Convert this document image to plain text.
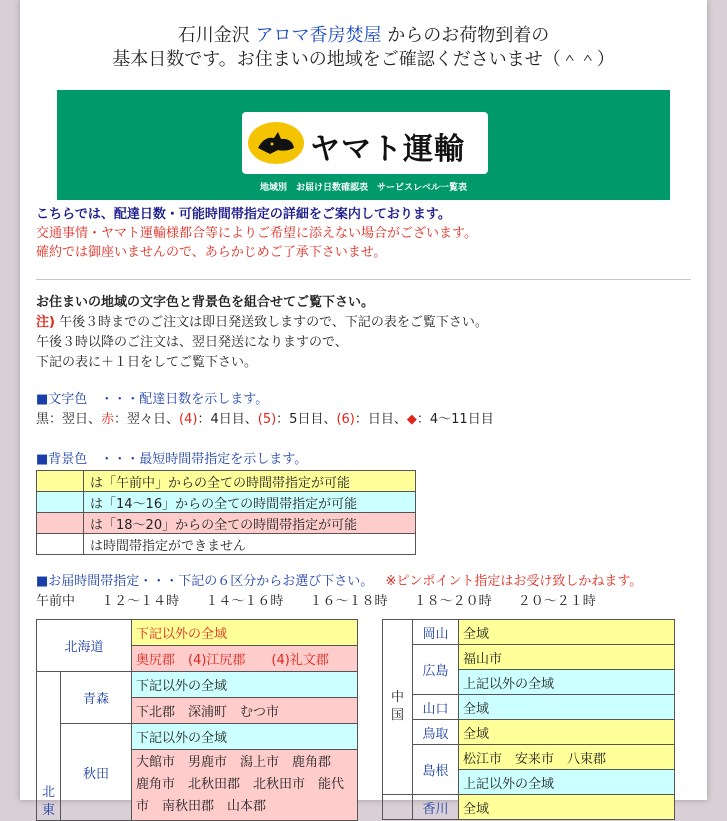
石川金沢 アロマ香房焚屋 からのお荷物到着の
基本日数です。お住まいの地域をご確認くださいませ（＾＾）
ヤマト運輸
地域別　お届け日数確認表　サービスレベル一覧表
こちらでは、配達日数・可能時間帯指定の詳細をご案内しております。
交通事情・ヤマト運輸様都合等によりご希望に添えない場合がございます。
確約では御座いませんので、あらかじめご了承下さいませ。
お住まいの地域の文字色と背景色を組合せてご覧下さい。
注) 午後３時までのご注文は即日発送致しますので、下記の表をご覧下さい。
午後３時以降のご注文は、翌日発送になりますので、
下記の表に＋１日をしてご覧下さい。
■文字色　・・・配達日数を示します。
黒：翌日、赤：翌々日、(4)：4日目、(5)：5日目、(6)：日目、◆：4～11日目
■背景色　・・・最短時間帯指定を示します。
	は「午前中」からの全ての時間帯指定が可能
	は「14～16」からの全ての時間帯指定が可能
	は「18～20」からの全ての時間帯指定が可能
	は時間帯指定ができません
■お届時間帯指定・・・下記の６区分からお選び下さい。 ※ピンポイント指定はお受け致しかねます。
午前中 １２～１４時 １４～１６時 １６～１８時 １８～２０時 ２０～２１時
北海道		下記以外の全域
		奥尻郡　(4)江尻郡　　(4)礼文郡
北東	青森	下記以外の全域
		下北郡　深浦町　むつ市
	秋田	下記以外の全域

		大館市　男鹿市　潟上市　鹿角郡
鹿角市　北秋田郡　北秋田市　能代
市　南秋田郡　山本郡
中国	岡山	全域
	広島	福山市
		上記以外の全域
	山口	全域
	鳥取	全域
	島根	松江市　安来市　八束郡
		上記以外の全域
	香川	全域
